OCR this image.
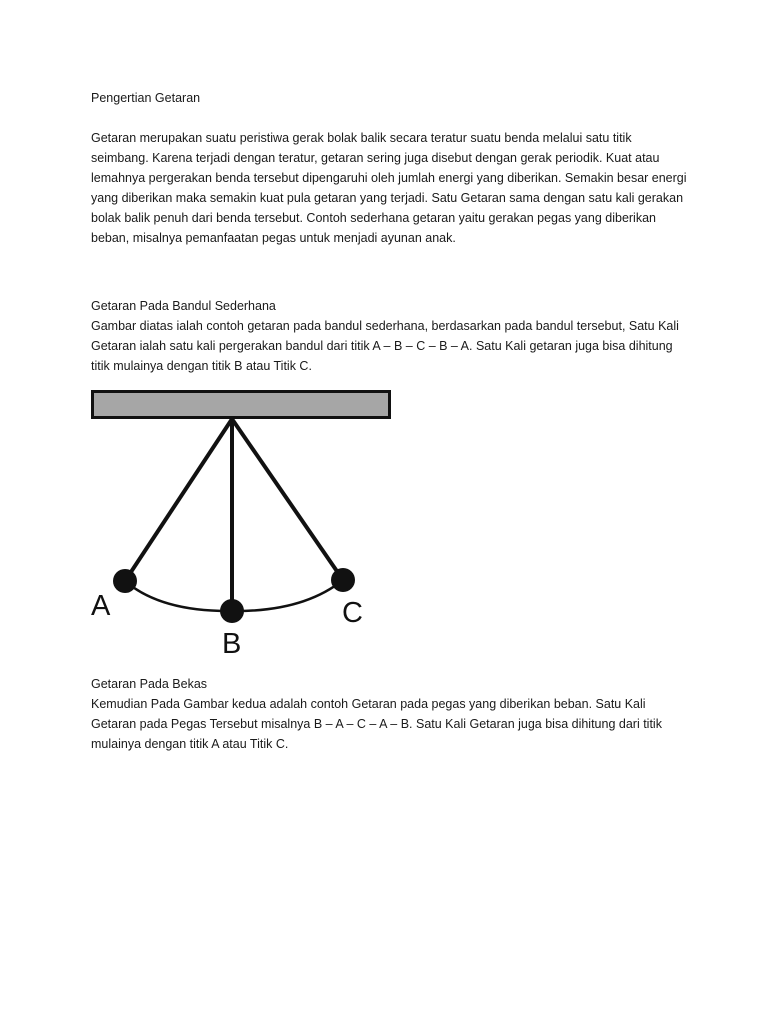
Pengertian Getaran

Getaran merupakan suatu peristiwa gerak bolak balik secara teratur suatu benda melalui satu titik seimbang. Karena terjadi dengan teratur, getaran sering juga disebut dengan gerak periodik. Kuat atau lemahnya pergerakan benda tersebut dipengaruhi oleh jumlah energi yang diberikan. Semakin besar energi yang diberikan maka semakin kuat pula getaran yang terjadi. Satu Getaran sama dengan satu kali gerakan bolak balik penuh dari benda tersebut. Contoh sederhana getaran yaitu gerakan pegas yang diberikan beban, misalnya pemanfaatan pegas untuk menjadi ayunan anak.

Getaran Pada Bandul Sederhana

Gambar diatas ialah contoh getaran pada bandul sederhana, berdasarkan pada bandul tersebut, Satu Kali Getaran ialah satu kali pergerakan bandul dari titik A – B – C – B – A. Satu Kali getaran juga bisa dihitung titik mulainya dengan titik B atau Titik C.

A
B
C
Getaran Pada Bekas

Kemudian Pada Gambar kedua adalah contoh Getaran pada pegas yang diberikan beban. Satu Kali Getaran pada Pegas Tersebut misalnya B – A – C – A – B. Satu Kali Getaran juga bisa dihitung dari titik mulainya dengan titik A atau Titik C.
